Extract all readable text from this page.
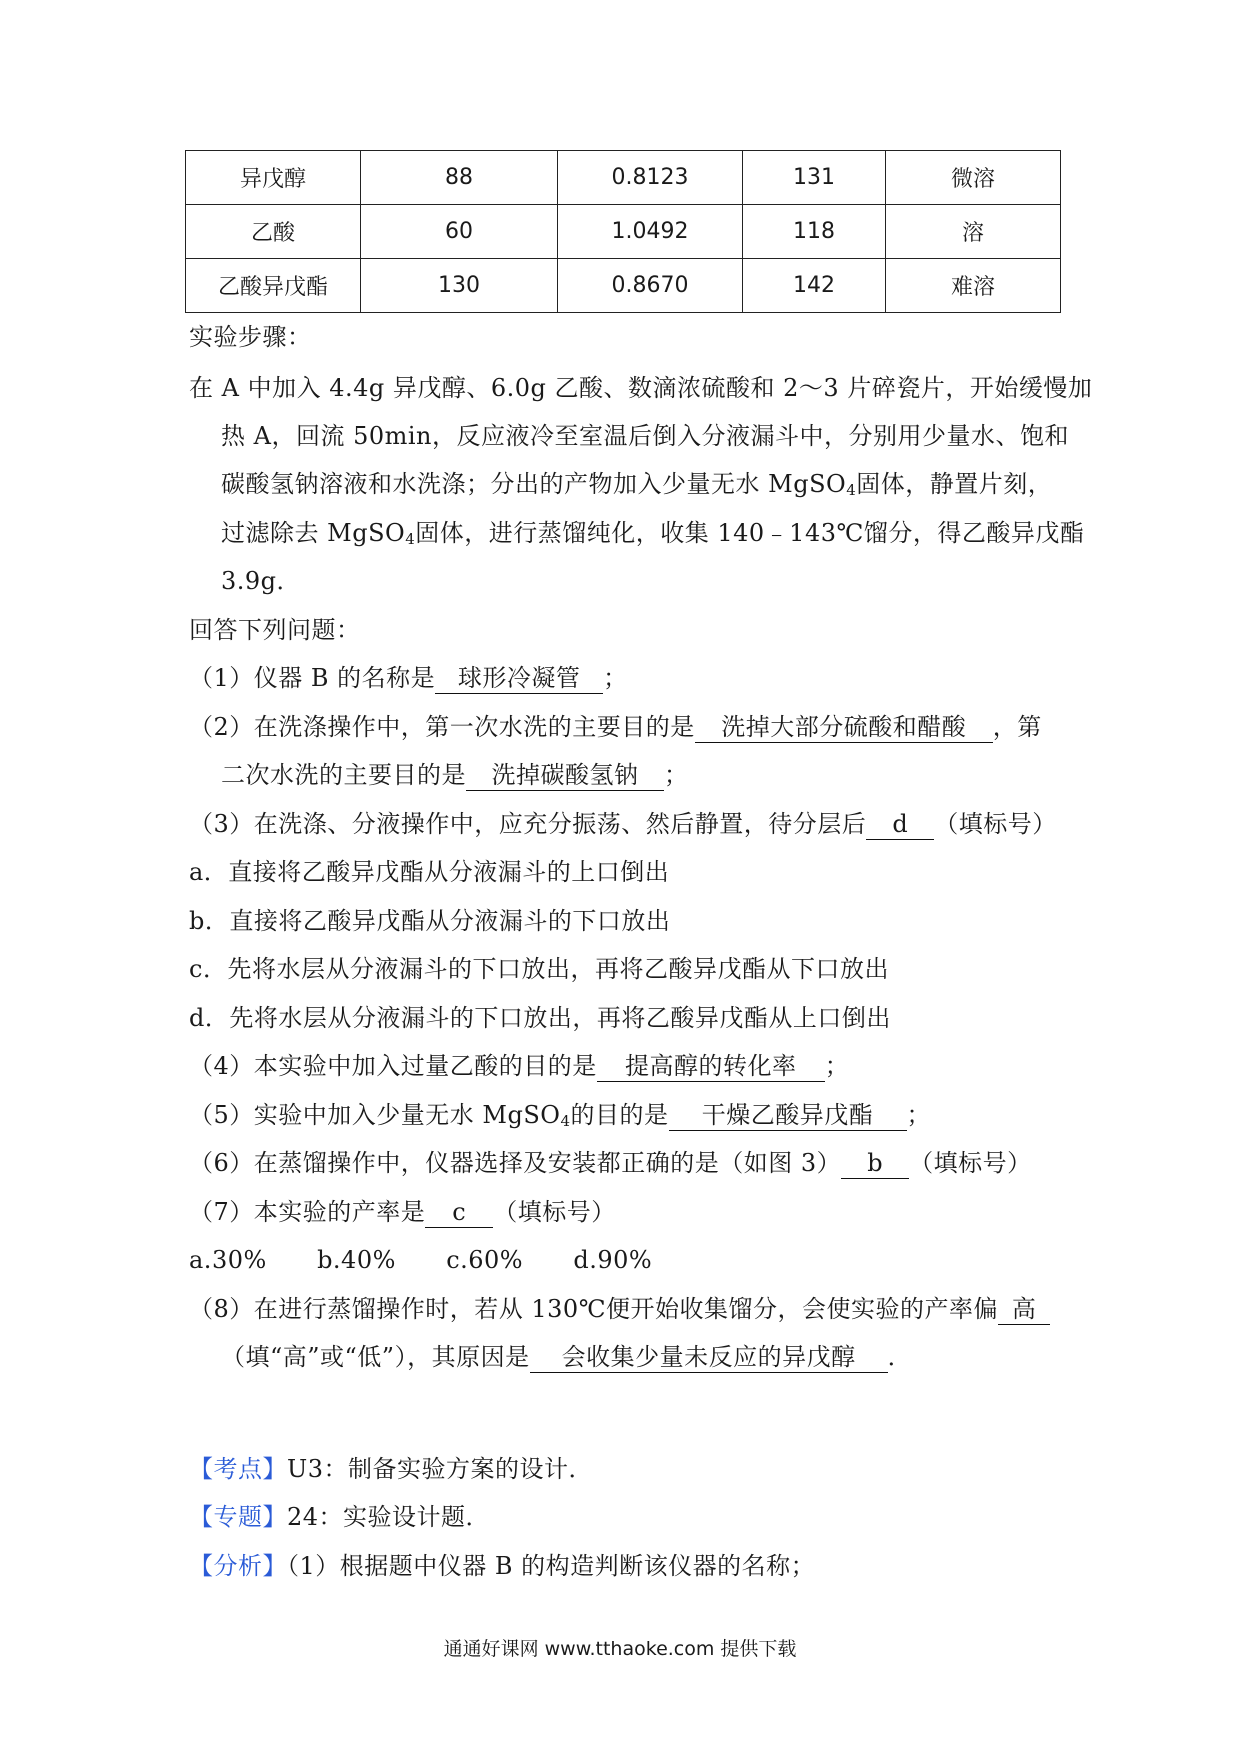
异戊醇	88	0.8123	131	微溶
乙酸	60	1.0492	118	溶
乙酸异戊酯	130	0.8670	142	难溶
实验步骤：
在 A 中加入 4.4g 异戊醇、6.0g 乙酸、数滴浓硫酸和 2～3 片碎瓷片，开始缓慢加
热 A，回流 50min，反应液冷至室温后倒入分液漏斗中，分别用少量水、饱和
碳酸氢钠溶液和水洗涤；分出的产物加入少量无水 MgSO$_4$固体，静置片刻，
过滤除去 MgSO$_4$固体，进行蒸馏纯化，收集 140﹣143℃馏分，得乙酸异戊酯
3.9g．
回答下列问题：
（1）仪器 B 的名称是 球形冷凝管 ；
（2）在洗涤操作中，第一次水洗的主要目的是 洗掉大部分硫酸和醋酸 ，第
二次水洗的主要目的是 洗掉碳酸氢钠 ；
（3）在洗涤、分液操作中，应充分振荡、然后静置，待分层后 d （填标号）
a．直接将乙酸异戊酯从分液漏斗的上口倒出
b．直接将乙酸异戊酯从分液漏斗的下口放出
c．先将水层从分液漏斗的下口放出，再将乙酸异戊酯从下口放出
d．先将水层从分液漏斗的下口放出，再将乙酸异戊酯从上口倒出
（4）本实验中加入过量乙酸的目的是 提高醇的转化率 ；
（5）实验中加入少量无水 MgSO$_4$的目的是 干燥乙酸异戊酯 ；
（6）在蒸馏操作中，仪器选择及安装都正确的是（如图 3） b （填标号）
（7）本实验的产率是 c （填标号）
a.30% b.40% c.60% d.90%
（8）在进行蒸馏操作时，若从 130℃便开始收集馏分，会使实验的产率偏 高
（填“高”或“低”），其原因是 会收集少量未反应的异戊醇 ．
【考点】U3：制备实验方案的设计．
【专题】24：实验设计题．
【分析】（1）根据题中仪器 B 的构造判断该仪器的名称；
通通好课网 www.tthaoke.com 提供下载
